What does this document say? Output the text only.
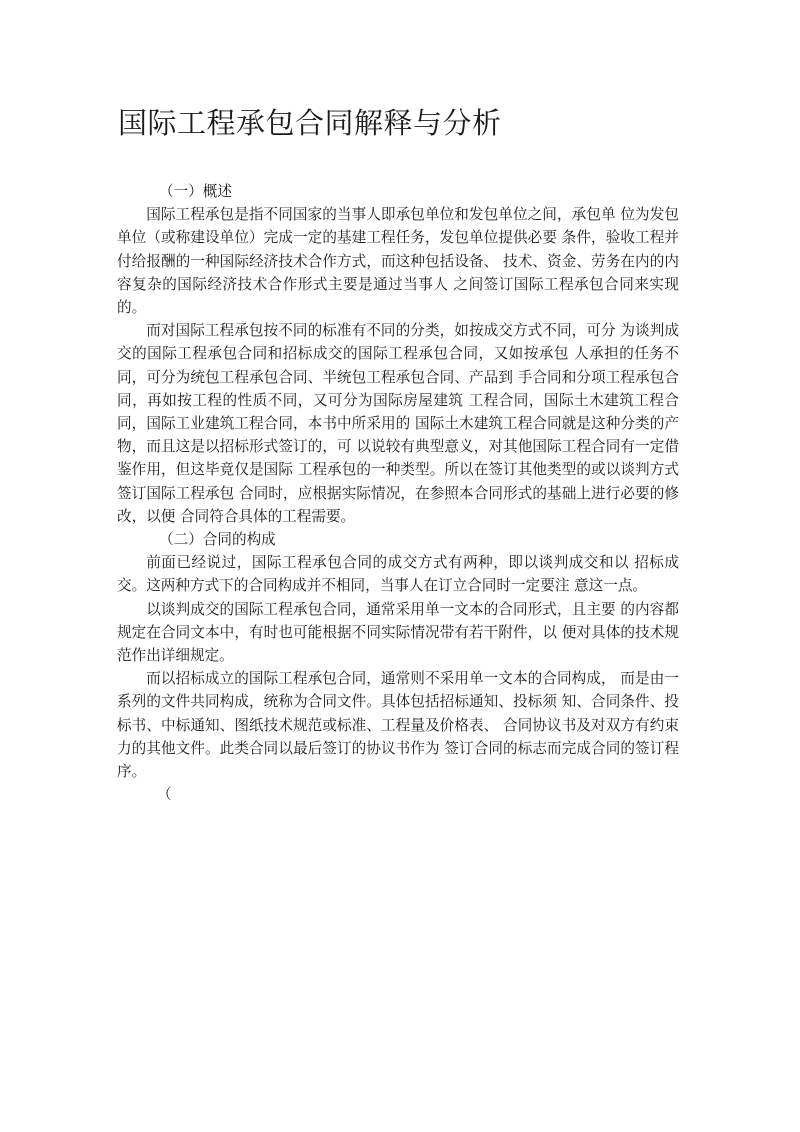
国际工程承包合同解释与分析

（一）概述

国际工程承包是指不同国家的当事人即承包单位和发包单位之间，承包单 位为发包单位（或称建设单位）完成一定的基建工程任务，发包单位提供必要 条件，验收工程并付给报酬的一种国际经济技术合作方式，而这种包括设备、 技术、资金、劳务在内的内容复杂的国际经济技术合作形式主要是通过当事人 之间签订国际工程承包合同来实现的。

而对国际工程承包按不同的标准有不同的分类，如按成交方式不同，可分 为谈判成交的国际工程承包合同和招标成交的国际工程承包合同，又如按承包 人承担的任务不同，可分为统包工程承包合同、半统包工程承包合同、产品到 手合同和分项工程承包合同，再如按工程的性质不同，又可分为国际房屋建筑 工程合同，国际土木建筑工程合同，国际工业建筑工程合同，本书中所采用的 国际土木建筑工程合同就是这种分类的产物，而且这是以招标形式签订的，可 以说较有典型意义，对其他国际工程合同有一定借鉴作用，但这毕竟仅是国际 工程承包的一种类型。所以在签订其他类型的或以谈判方式签订国际工程承包 合同时，应根据实际情况，在参照本合同形式的基础上进行必要的修改，以便 合同符合具体的工程需要。

（二）合同的构成

前面已经说过，国际工程承包合同的成交方式有两种，即以谈判成交和以 招标成交。这两种方式下的合同构成并不相同，当事人在订立合同时一定要注 意这一点。

以谈判成交的国际工程承包合同，通常采用单一文本的合同形式，且主要 的内容都规定在合同文本中，有时也可能根据不同实际情况带有若干附件，以 便对具体的技术规范作出详细规定。

而以招标成立的国际工程承包合同，通常则不采用单一文本的合同构成， 而是由一系列的文件共同构成，统称为合同文件。具体包括招标通知、投标须 知、合同条件、投标书、中标通知、图纸技术规范或标准、工程量及价格表、 合同协议书及对双方有约束力的其他文件。此类合同以最后签订的协议书作为 签订合同的标志而完成合同的签订程序。

（
